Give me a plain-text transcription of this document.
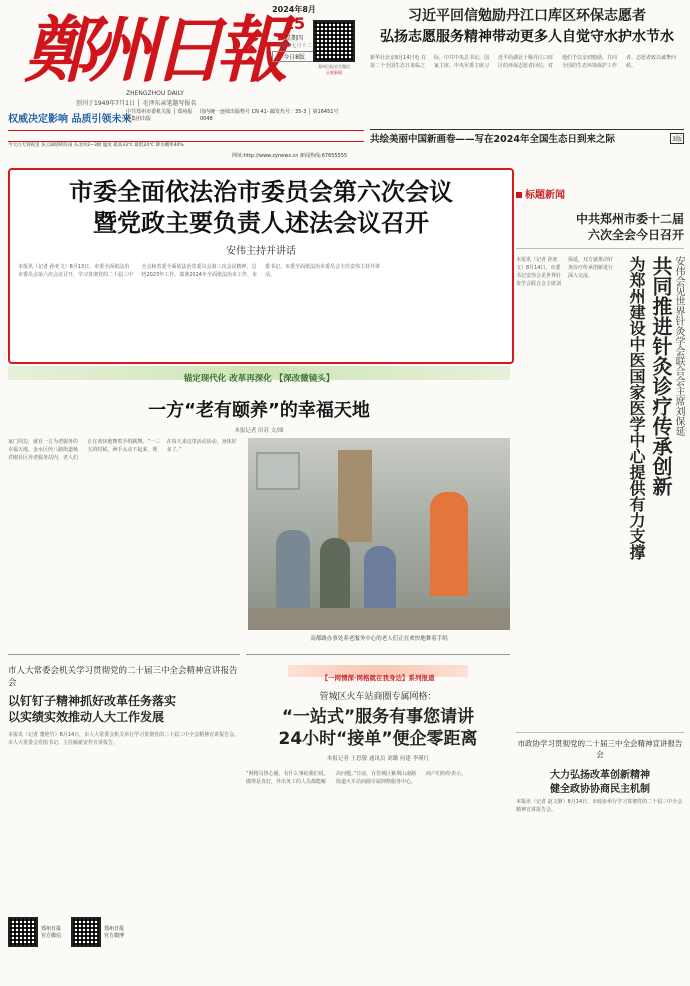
鄭州日報
ZHENGZHOU DAILY
创刊于1949年7月1日 │ 毛泽东亲笔题写报名
2024年8月
15
星期四
甲辰年七月十二
今日8版
郑州日报官方微信
正观新闻
权威决定影响 品质引领未来
中共郑州市委机关报 │ 郑州报业集团出版
国内统一连续出版物号 CN 41-0048
邮发代号：35-3 │ 第16451号
今天白天到夜里 多云间晴转阵雨 东北风2~3级 温度 最高33℃ 最低24℃ 降水概率40%
网址:http://www.zynews.cn 新闻热线:67655555
习近平回信勉励丹江口库区环保志愿者
弘扬志愿服务精神带动更多人自觉守水护水节水
新华社北京8月14日电 在第二个全国生态日来临之际，中共中央总书记、国家主席、中央军委主席习近平给湖北十堰丹江口库区的环保志愿者回信，对他们予以亲切勉励，并向全国的生态环境保护工作者、志愿者致以诚挚问候。
共绘美丽中国新画卷——写在2024年全国生态日到来之际	3版
市委全面依法治市委员会第六次会议
暨党政主要负责人述法会议召开
安伟主持并讲话
本报讯（记者 孙亚文）8月13日，市委全面依法治市委员会第六次会议召开，学习贯彻党的二十届三中全会和省委全面依法治省委员会第三次会议精神，总结2023年工作，部署2024年全面依法治市工作。市委书记、市委全面依法治市委员会主任安伟主持并讲话。
锚定现代化 改革再深化 【深改微镜头】
一方“老有颐养”的幸福天地
本报记者 田苏 文/图
家门周边，就有一方为老服务的幸福天地。金水区经八路街道杨君刚社区养老服务站内，老人们正在欢快地舞着手绢跳舞。“一三五的时候，两手太动不起来，现在每天来这里活动活动，身体好多了。”
高都路办事处养老服务中心的老人们正在欢快地舞着手绢
市人大常委会机关学习贯彻党的二十届三中全会精神宣讲报告会
以钉钉子精神抓好改革任务落实
以实绩实效推动人大工作发展
本报讯（记者 董艳竹）8月14日，市人大常委会机关举行学习贯彻党的二十届三中全会精神宣讲报告会。市人大常委会党组书记、主任喻新安作宣讲报告。
郑州日报
官方微信
郑州日报
官方微博
【一网情深·网格就在我身边】系列报道
管城区火车站商圈专属网格：
“一站式”服务有事您请讲
24小时“接单”便企零距离
本报记者 王思敬 通讯员 刘璐 何建 李瑾红
“网格员热心肠，有什么事给我们说。做得是真好，外出务工的人员都能解决问题。”日前，在管城区紫荆山南路街道火车站商圈专属网格服务中心，商户们纷纷表示。
标题新闻
中共郑州市委十二届
六次全会今日召开
本报讯（记者 孙亚文）8月14日，市委书记安伟会见世界针灸学会联合会主席刘保延，双方就推动针灸诊疗传承创新进行深入交流。	共同推进针灸诊疗传承创新
为郑州建设中医国家医学中心提供有力支撑	安伟会见世界针灸学会联合会主席刘保延
市政协学习贯彻党的二十届三中全会精神宣讲报告会
大力弘扬改革创新精神
健全政协协商民主机制
本报讯（记者 赵文静）8月14日，市政协举行学习贯彻党的二十届三中全会精神宣讲报告会。
